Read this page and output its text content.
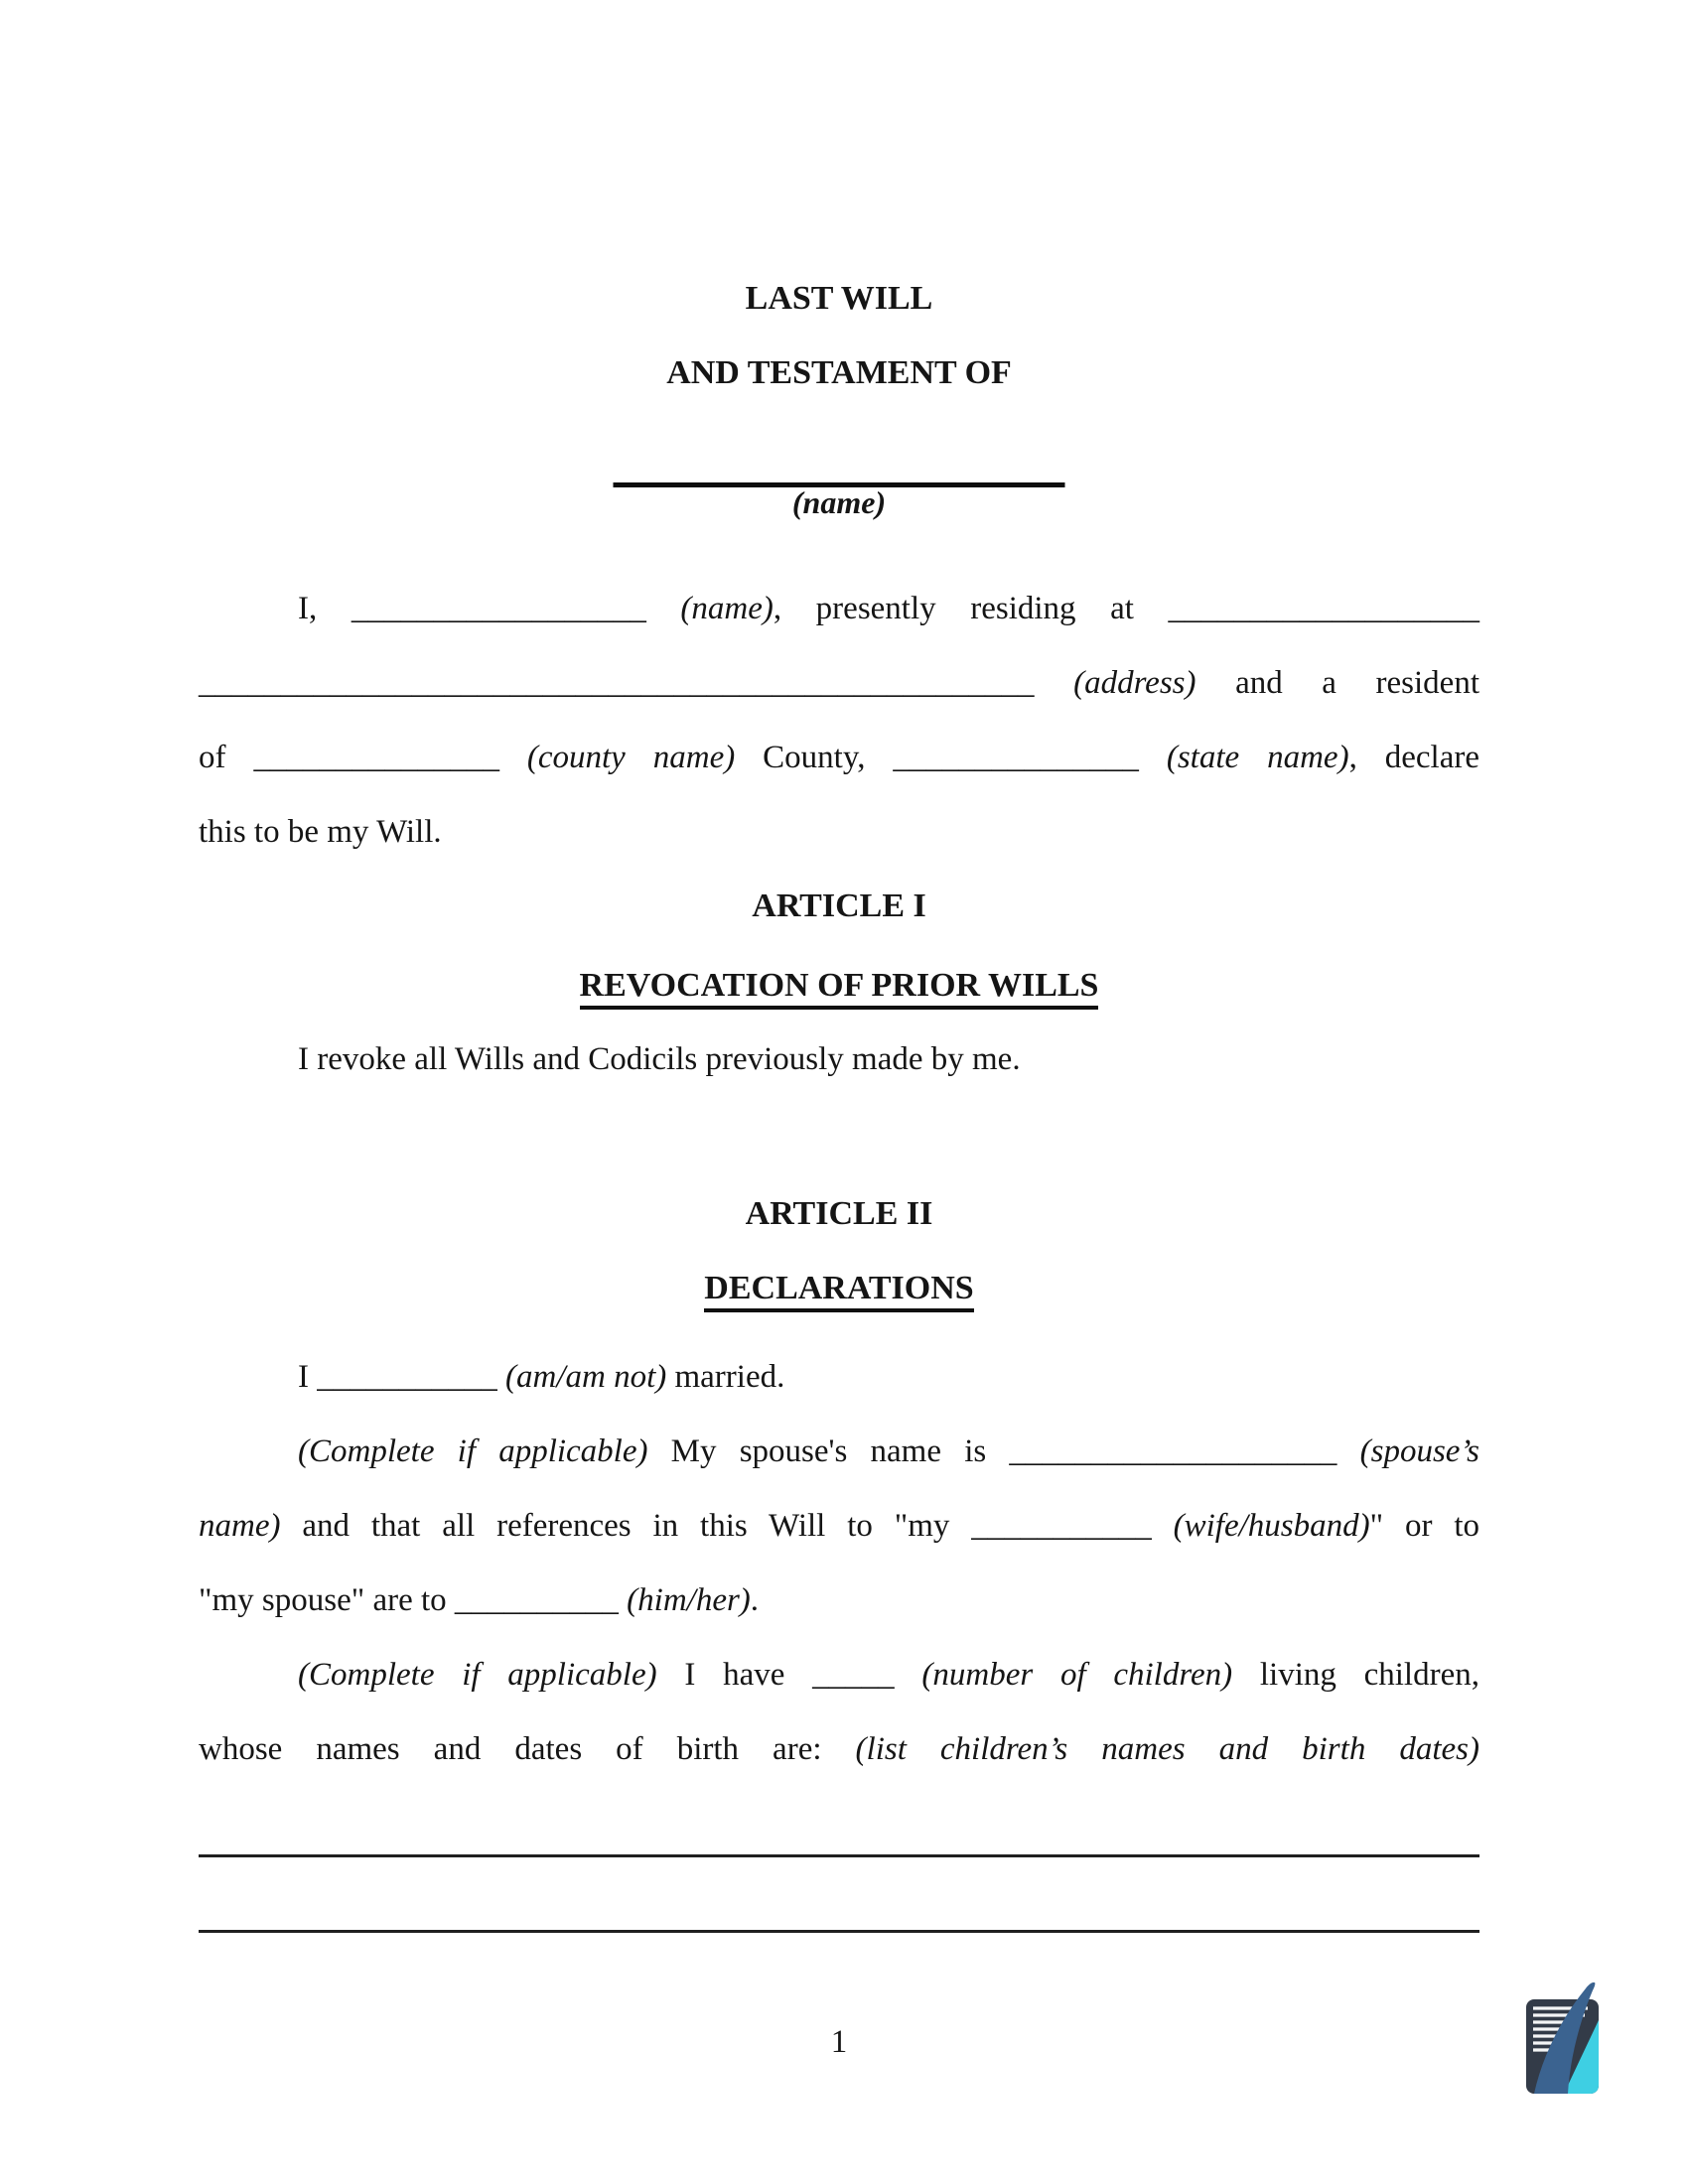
LAST WILL
AND TESTAMENT OF
(name)
I, __________________ (name), presently residing at ___________________
___________________________________________________ (address) and a resident
of _______________ (county name) County, _______________ (state name), declare
this to be my Will.
ARTICLE I
REVOCATION OF PRIOR WILLS
I revoke all Wills and Codicils previously made by me.
ARTICLE II
DECLARATIONS
I ___________ (am/am not) married.
(Complete if applicable) My spouse's name is ____________________ (spouse’s
name) and that all references in this Will to "my ___________ (wife/husband)" or to
"my spouse" are to __________ (him/her).
(Complete if applicable) I have _____ (number of children) living children,
whose names and dates of birth are: (list children’s names and birth dates)
1
